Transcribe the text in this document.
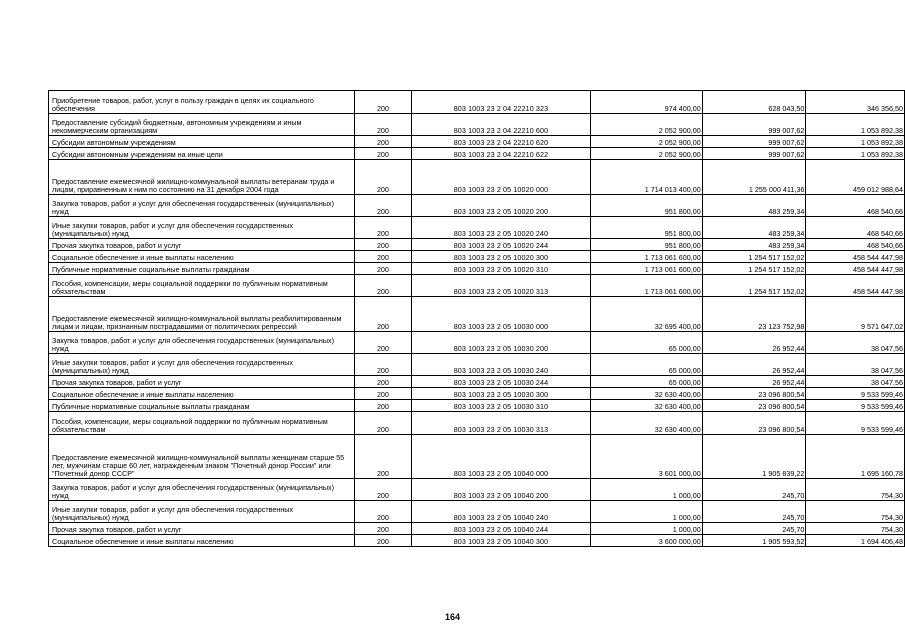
Приобретение товаров, работ, услуг в пользу граждан в целях их социального обеспечения	200	803 1003 23 2 04 22210 323	974 400,00	628 043,50	346 356,50
Предоставление субсидий бюджетным, автономным учреждениям и иным некоммерческим организациям	200	803 1003 23 2 04 22210 600	2 052 900,00	999 007,62	1 053 892,38
Субсидии автономным учреждениям	200	803 1003 23 2 04 22210 620	2 052 900,00	999 007,62	1 053 892,38
Субсидии автономным учреждениям на иные цели	200	803 1003 23 2 04 22210 622	2 052 900,00	999 007,62	1 053 892,38
Предоставление ежемесячной жилищно-коммунальной выплаты ветеранам труда и лицам, приравненным к ним по состоянию на 31 декабря 2004 года	200	803 1003 23 2 05 10020 000	1 714 013 400,00	1 255 000 411,36	459 012 988,64
Закупка товаров, работ и услуг для обеспечения государственных (муниципальных) нужд	200	803 1003 23 2 05 10020 200	951 800,00	483 259,34	468 540,66
Иные закупки товаров, работ и услуг для обеспечения государственных (муниципальных) нужд	200	803 1003 23 2 05 10020 240	951 800,00	483 259,34	468 540,66
Прочая закупка товаров, работ и услуг	200	803 1003 23 2 05 10020 244	951 800,00	483 259,34	468 540,66
Социальное обеспечение и иные выплаты населению	200	803 1003 23 2 05 10020 300	1 713 061 600,00	1 254 517 152,02	458 544 447,98
Публичные нормативные социальные выплаты гражданам	200	803 1003 23 2 05 10020 310	1 713 061 600,00	1 254 517 152,02	458 544 447,98
Пособия, компенсации, меры социальной поддержки по публичным нормативным обязательствам	200	803 1003 23 2 05 10020 313	1 713 061 600,00	1 254 517 152,02	458 544 447,98
Предоставление ежемесячной жилищно-коммунальной выплаты реабилитированным лицам и лицам, признанным пострадавшими от политических репрессий	200	803 1003 23 2 05 10030 000	32 695 400,00	23 123 752,98	9 571 647,02
Закупка товаров, работ и услуг для обеспечения государственных (муниципальных) нужд	200	803 1003 23 2 05 10030 200	65 000,00	26 952,44	38 047,56
Иные закупки товаров, работ и услуг для обеспечения государственных (муниципальных) нужд	200	803 1003 23 2 05 10030 240	65 000,00	26 952,44	38 047,56
Прочая закупка товаров, работ и услуг	200	803 1003 23 2 05 10030 244	65 000,00	26 952,44	38 047,56
Социальное обеспечение и иные выплаты населению	200	803 1003 23 2 05 10030 300	32 630 400,00	23 096 800,54	9 533 599,46
Публичные нормативные социальные выплаты гражданам	200	803 1003 23 2 05 10030 310	32 630 400,00	23 096 800,54	9 533 599,46
Пособия, компенсации, меры социальной поддержки по публичным нормативным обязательствам	200	803 1003 23 2 05 10030 313	32 630 400,00	23 096 800,54	9 533 599,46
Предоставление ежемесячной жилищно-коммунальной выплаты женщинам старше 55 лет, мужчинам старше 60 лет, награжденным знаком "Почетный донор России" или "Почетный донор СССР"	200	803 1003 23 2 05 10040 000	3 601 000,00	1 905 839,22	1 695 160,78
Закупка товаров, работ и услуг для обеспечения государственных (муниципальных) нужд	200	803 1003 23 2 05 10040 200	1 000,00	245,70	754,30
Иные закупки товаров, работ и услуг для обеспечения государственных (муниципальных) нужд	200	803 1003 23 2 05 10040 240	1 000,00	245,70	754,30
Прочая закупка товаров, работ и услуг	200	803 1003 23 2 05 10040 244	1 000,00	245,70	754,30
Социальное обеспечение и иные выплаты населению	200	803 1003 23 2 05 10040 300	3 600 000,00	1 905 593,52	1 694 406,48
164
